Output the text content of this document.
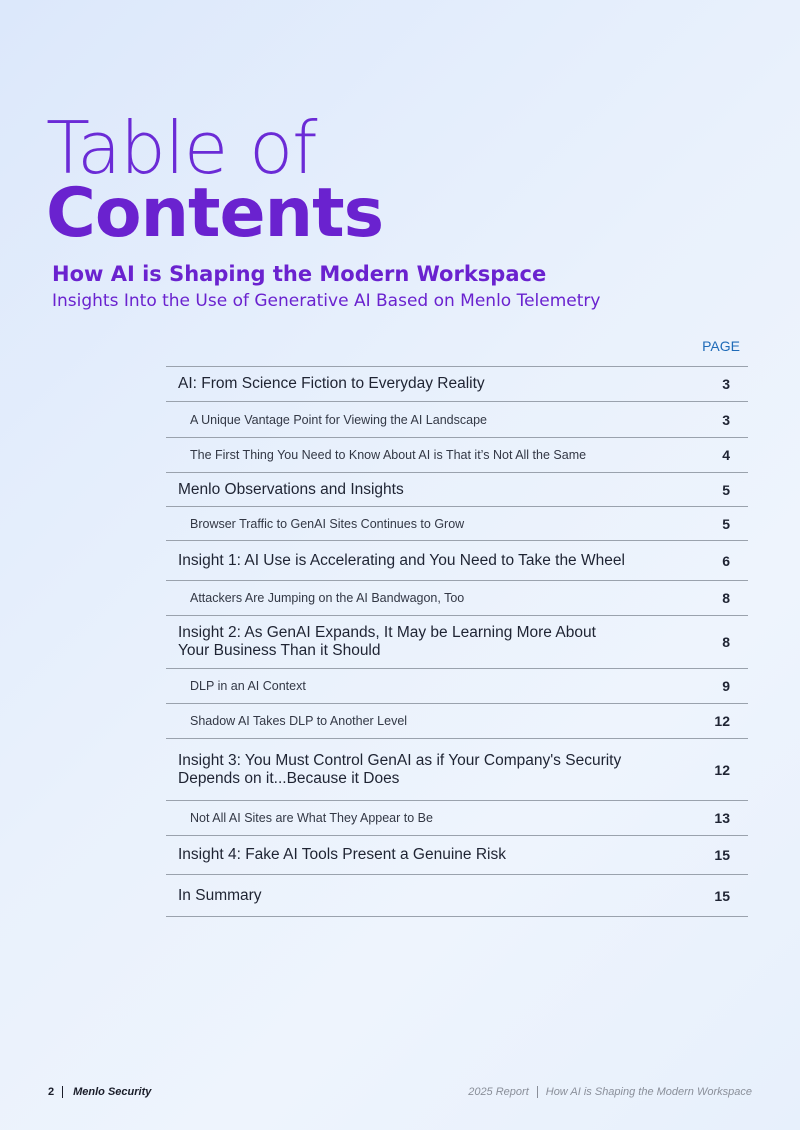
Table of
Contents
How AI is Shaping the Modern Workspace
Insights Into the Use of Generative AI Based on Menlo Telemetry
PAGE
AI: From Science Fiction to Everyday Reality	3
A Unique Vantage Point for Viewing the AI Landscape	3
The First Thing You Need to Know About AI is That it’s Not All the Same	4
Menlo Observations and Insights	5
Browser Traffic to GenAI Sites Continues to Grow	5
Insight 1: AI Use is Accelerating and You Need to Take the Wheel	6
Attackers Are Jumping on the AI Bandwagon, Too	8
Insight 2: As GenAI Expands, It May be Learning More About Your Business Than it Should	8
DLP in an AI Context	9
Shadow AI Takes DLP to Another Level	12
Insight 3: You Must Control GenAI as if Your Company's Security Depends on it...Because it Does	12
Not All AI Sites are What They Appear to Be	13
Insight 4: Fake AI Tools Present a Genuine Risk	15
In Summary	15
2 Menlo Security	2025 Report How AI is Shaping the Modern Workspace
